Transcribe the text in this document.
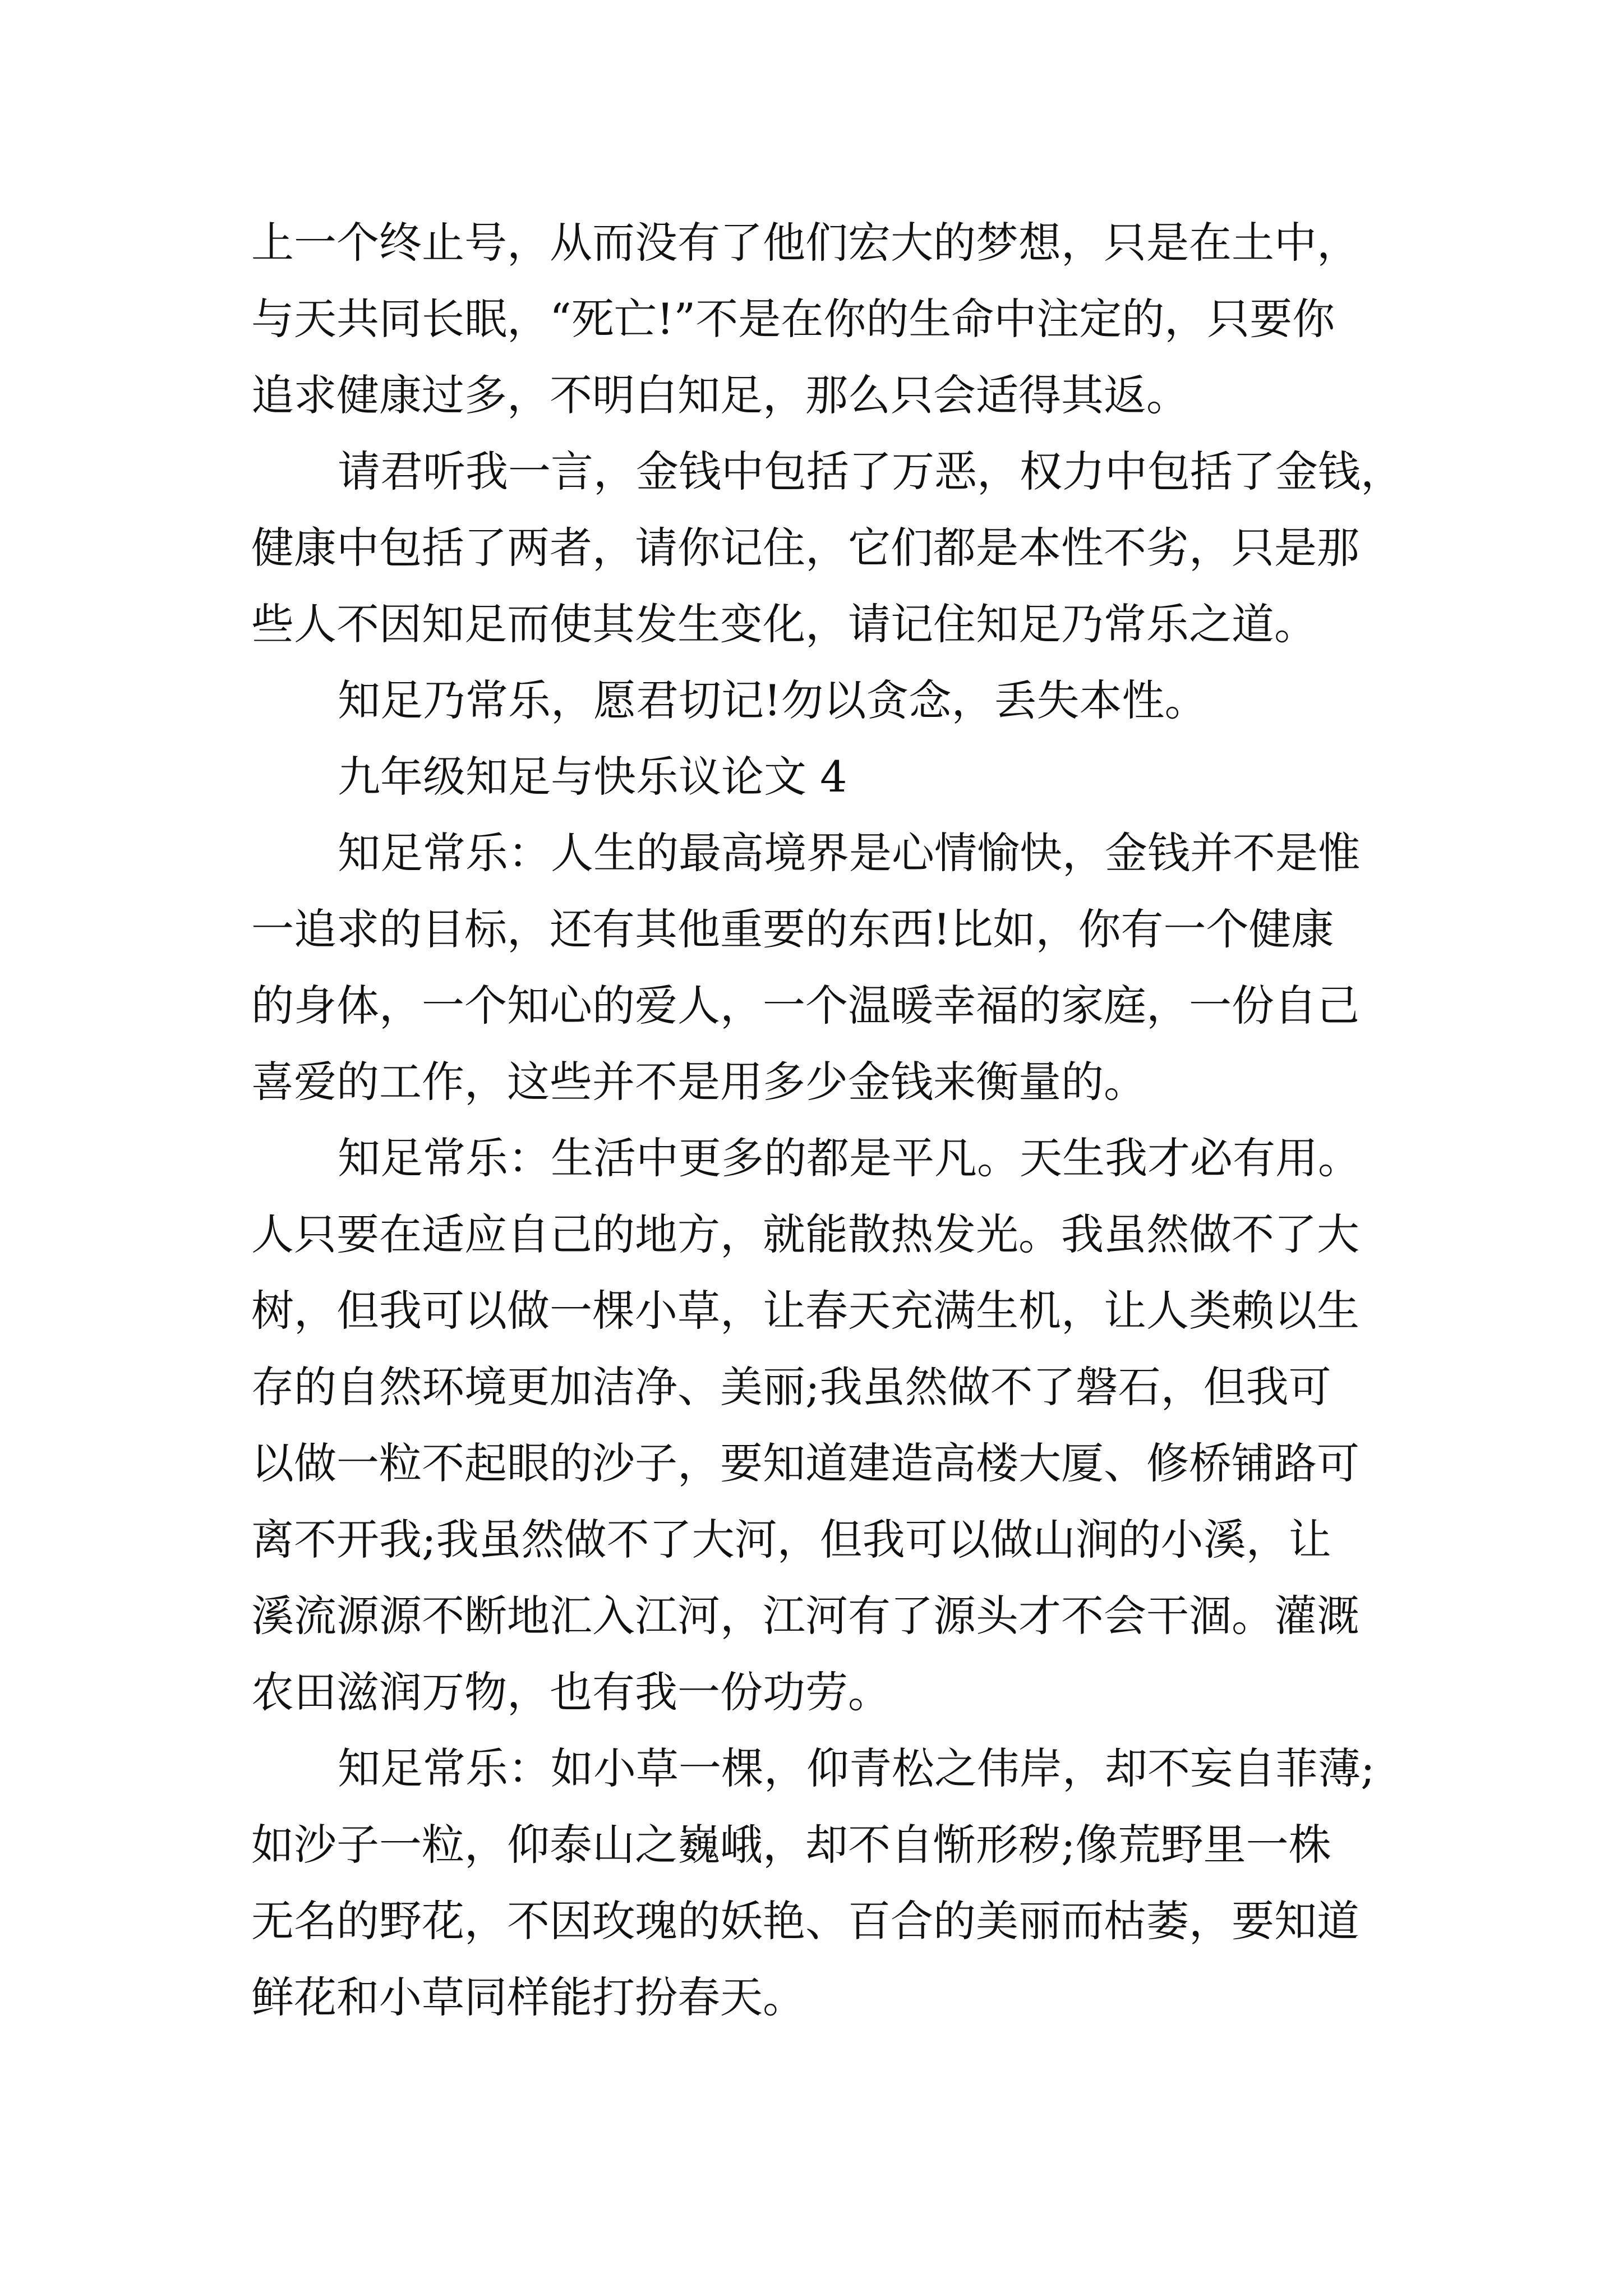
上一个终止号，从而没有了他们宏大的梦想，只是在土中，
与天共同长眠，“死亡!”不是在你的生命中注定的，只要你
追求健康过多，不明白知足，那么只会适得其返。
请君听我一言，金钱中包括了万恶，权力中包括了金钱，
健康中包括了两者，请你记住，它们都是本性不劣，只是那
些人不因知足而使其发生变化，请记住知足乃常乐之道。
知足乃常乐，愿君切记!勿以贪念，丢失本性。
九年级知足与快乐议论文 4
知足常乐：人生的最高境界是心情愉快，金钱并不是惟
一追求的目标，还有其他重要的东西!比如，你有一个健康
的身体，一个知心的爱人，一个温暖幸福的家庭，一份自己
喜爱的工作，这些并不是用多少金钱来衡量的。
知足常乐：生活中更多的都是平凡。天生我才必有用。
人只要在适应自己的地方，就能散热发光。我虽然做不了大
树，但我可以做一棵小草，让春天充满生机，让人类赖以生
存的自然环境更加洁净、美丽;我虽然做不了磐石，但我可
以做一粒不起眼的沙子，要知道建造高楼大厦、修桥铺路可
离不开我;我虽然做不了大河，但我可以做山涧的小溪，让
溪流源源不断地汇入江河，江河有了源头才不会干涸。灌溉
农田滋润万物，也有我一份功劳。
知足常乐：如小草一棵，仰青松之伟岸，却不妄自菲薄;
如沙子一粒，仰泰山之巍峨，却不自惭形秽;像荒野里一株
无名的野花，不因玫瑰的妖艳、百合的美丽而枯萎，要知道
鲜花和小草同样能打扮春天。
